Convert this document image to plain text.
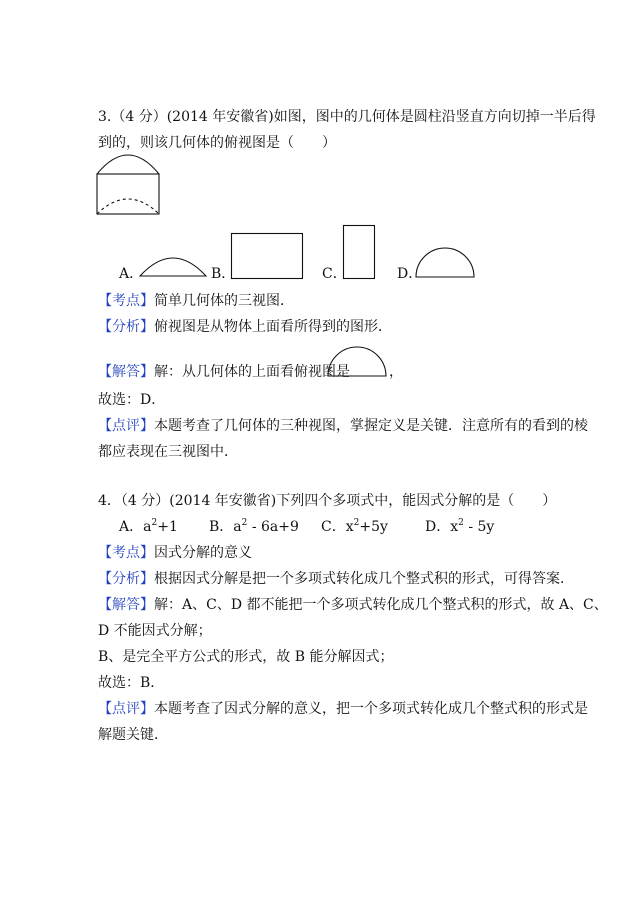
3.（4 分）(2014 年安徽省)如图，图中的几何体是圆柱沿竖直方向切掉一半后得
到的，则该几何体的俯视图是（　　）
A．	B．	C．	D．
【考点】简单几何体的三视图．
【分析】俯视图是从物体上面看所得到的图形．
【解答】解：从几何体的上面看俯视图是	，
故选：D．
【点评】本题考查了几何体的三种视图，掌握定义是关键．注意所有的看到的棱
都应表现在三视图中．
4．（4 分）(2014 年安徽省)下列四个多项式中，能因式分解的是（　　）
A．$a^2+1$ B．$a^2 - 6a+9$ C．$x^2+5y$	D．$x^2 - 5y$
【考点】因式分解的意义
【分析】根据因式分解是把一个多项式转化成几个整式积的形式，可得答案．
【解答】解：A、C、D 都不能把一个多项式转化成几个整式积的形式，故 A、C、
D 不能因式分解；
B、是完全平方公式的形式，故 B 能分解因式；
故选：B．
【点评】本题考查了因式分解的意义，把一个多项式转化成几个整式积的形式是
解题关键．
